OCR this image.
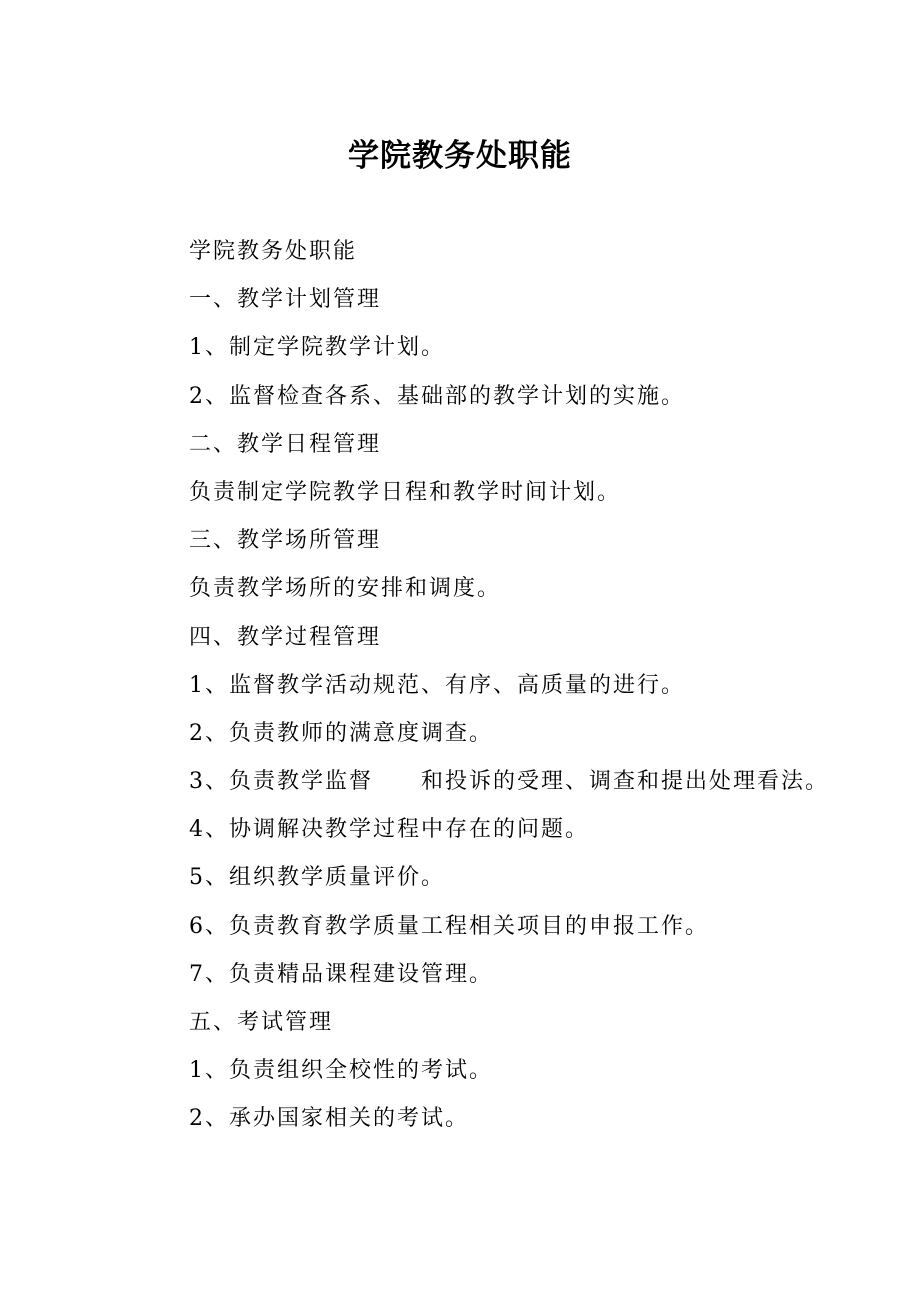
学院教务处职能
学院教务处职能
一、教学计划管理
1、制定学院教学计划。
2、监督检查各系、基础部的教学计划的实施。
二、教学日程管理
负责制定学院教学日程和教学时间计划。
三、教学场所管理
负责教学场所的安排和调度。
四、教学过程管理
1、监督教学活动规范、有序、高质量的进行。
2、负责教师的满意度调查。
3、负责教学监督　　和投诉的受理、调查和提出处理看法。
4、协调解决教学过程中存在的问题。
5、组织教学质量评价。
6、负责教育教学质量工程相关项目的申报工作。
7、负责精品课程建设管理。
五、考试管理
1、负责组织全校性的考试。
2、承办国家相关的考试。
